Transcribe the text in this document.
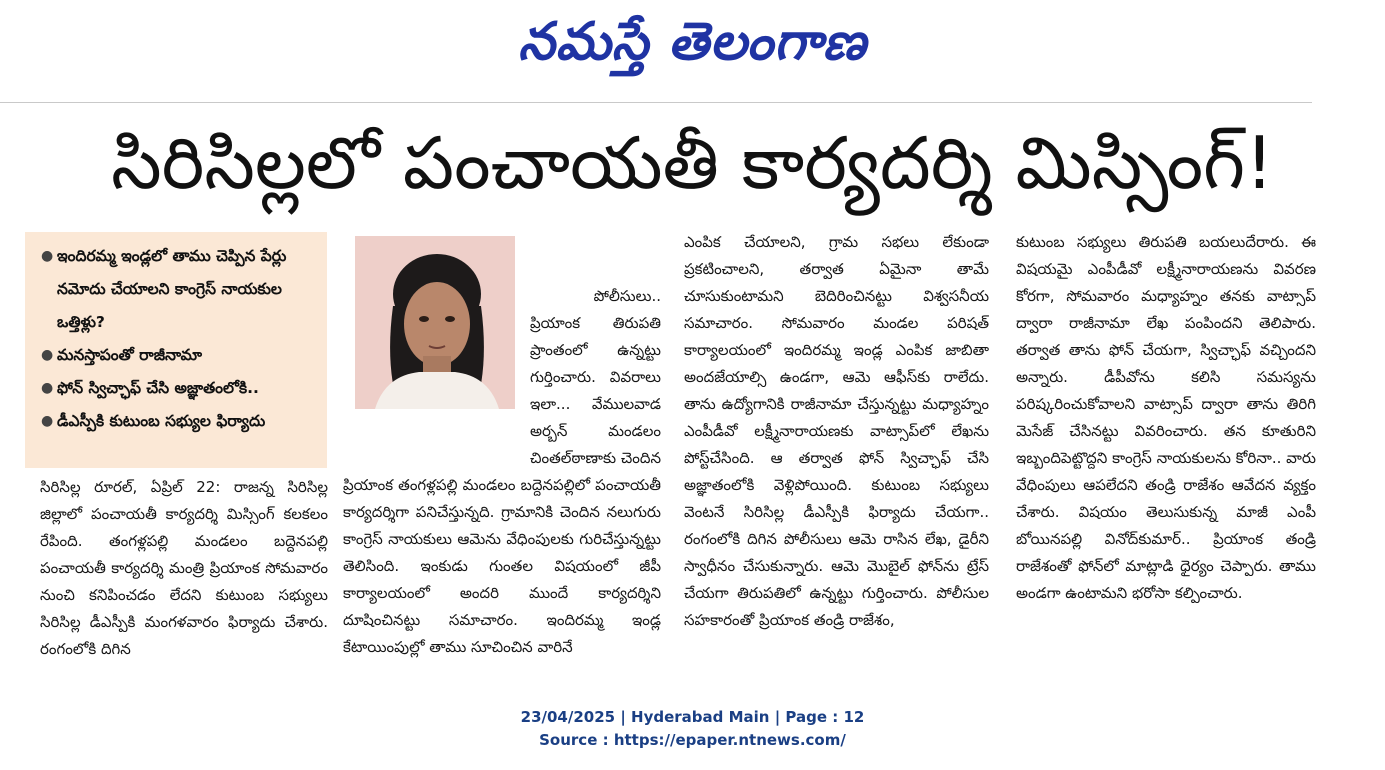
నమస్తే తెలంగాణ
సిరిసిల్లలో పంచాయతీ కార్యదర్శి మిస్సింగ్‌!
● ఇందిరమ్మ ఇండ్లలో తాము చెప్పిన పేర్లు నమోదు చేయాలని కాంగ్రెస్‌ నాయకుల ఒత్తిళ్లు?
● మనస్తాపంతో రాజీనామా
● ఫోన్‌ స్విచ్ఛాఫ్‌ చేసి అజ్ఞాతంలోకి..
● డీఎస్పీకి కుటుంబ సభ్యుల ఫిర్యాదు
సిరిసిల్ల రూరల్‌, ఏప్రిల్‌ 22: రాజన్న సిరిసిల్ల జిల్లాలో పంచాయతీ కార్యదర్శి మిస్సింగ్‌ కలకలం రేపింది. తంగళ్లపల్లి మండలం బద్దెనపల్లి పంచాయతీ కార్యదర్శి మంత్రి ప్రియాంక సోమవారం నుంచి కనిపించడం లేదని కుటుంబ సభ్యులు సిరిసిల్ల డీఎస్పీకి మంగళవారం ఫిర్యాదు చేశారు. రంగంలోకి దిగిన

పోలీసులు.. ప్రియాంక తిరుపతి ప్రాంతంలో ఉన్నట్టు గుర్తించారు. వివరాలు ఇలా... వేములవాడ అర్బన్‌ మండలం చింతల్‌ఠాణాకు చెందిన ప్రియాంక తంగళ్లపల్లి మండలం బద్దెనపల్లిలో పంచాయతీ కార్యదర్శిగా పనిచేస్తున్నది. గ్రామానికి చెందిన నలుగురు కాంగ్రెస్‌ నాయకులు ఆమెను వేధింపులకు గురిచేస్తున్నట్టు తెలిసింది. ఇంకుడు గుంతల విషయంలో జీపీ కార్యాలయంలో అందరి ముందే కార్యదర్శిని దూషించినట్టు సమాచారం. ఇందిరమ్మ ఇండ్ల కేటాయింపుల్లో తాము సూచించిన వారినే

ఎంపిక చేయాలని, గ్రామ సభలు లేకుండా ప్రకటించాలని, తర్వాత ఏమైనా తామే చూసుకుంటామని బెదిరించినట్టు విశ్వసనీయ సమాచారం. సోమవారం మండల పరిషత్‌ కార్యాలయంలో ఇందిరమ్మ ఇండ్ల ఎంపిక జాబితా అందజేయాల్సి ఉండగా, ఆమె ఆఫీస్‌కు రాలేదు. తాను ఉద్యోగానికి రాజీనామా చేస్తున్నట్టు మధ్యాహ్నం ఎంపీడీవో లక్ష్మీనారాయణకు వాట్సాప్‌లో లేఖను పోస్ట్‌చేసింది. ఆ తర్వాత ఫోన్‌ స్విచ్ఛాఫ్‌ చేసి అజ్ఞాతంలోకి వెళ్లిపోయింది. కుటుంబ సభ్యులు వెంటనే సిరిసిల్ల డీఎస్పీకి ఫిర్యాదు చేయగా.. రంగంలోకి దిగిన పోలీసులు ఆమె రాసిన లేఖ, డైరీని స్వాధీనం చేసుకున్నారు. ఆమె మొబైల్‌ ఫోన్‌ను ట్రేస్‌ చేయగా తిరుపతిలో ఉన్నట్టు గుర్తించారు. పోలీసుల సహకారంతో ప్రియాంక తండ్రి రాజేశం,
కుటుంబ సభ్యులు తిరుపతి బయలుదేరారు. ఈ విషయమై ఎంపీడీవో లక్ష్మీనారాయణను వివరణ కోరగా, సోమవారం మధ్యాహ్నం తనకు వాట్సాప్‌ ద్వారా రాజీనామా లేఖ పంపిందని తెలిపారు. తర్వాత తాను ఫోన్‌ చేయగా, స్విచ్ఛాఫ్‌ వచ్చిందని అన్నారు. డీపీవోను కలిసి సమస్యను పరిష్కరించుకోవాలని వాట్సాప్‌ ద్వారా తాను తిరిగి మెసేజ్‌ చేసినట్టు వివరించారు. తన కూతురిని ఇబ్బందిపెట్టొద్దని కాంగ్రెస్‌ నాయకులను కోరినా.. వారు వేధింపులు ఆపలేదని తండ్రి రాజేశం ఆవేదన వ్యక్తం చేశారు. విషయం తెలుసుకున్న మాజీ ఎంపీ బోయినపల్లి వినోద్‌కుమార్‌.. ప్రియాంక తండ్రి రాజేశంతో ఫోన్‌లో మాట్లాడి ధైర్యం చెప్పారు. తాము అండగా ఉంటామని భరోసా కల్పించారు.
23/04/2025 | Hyderabad Main | Page : 12
Source : https://epaper.ntnews.com/
